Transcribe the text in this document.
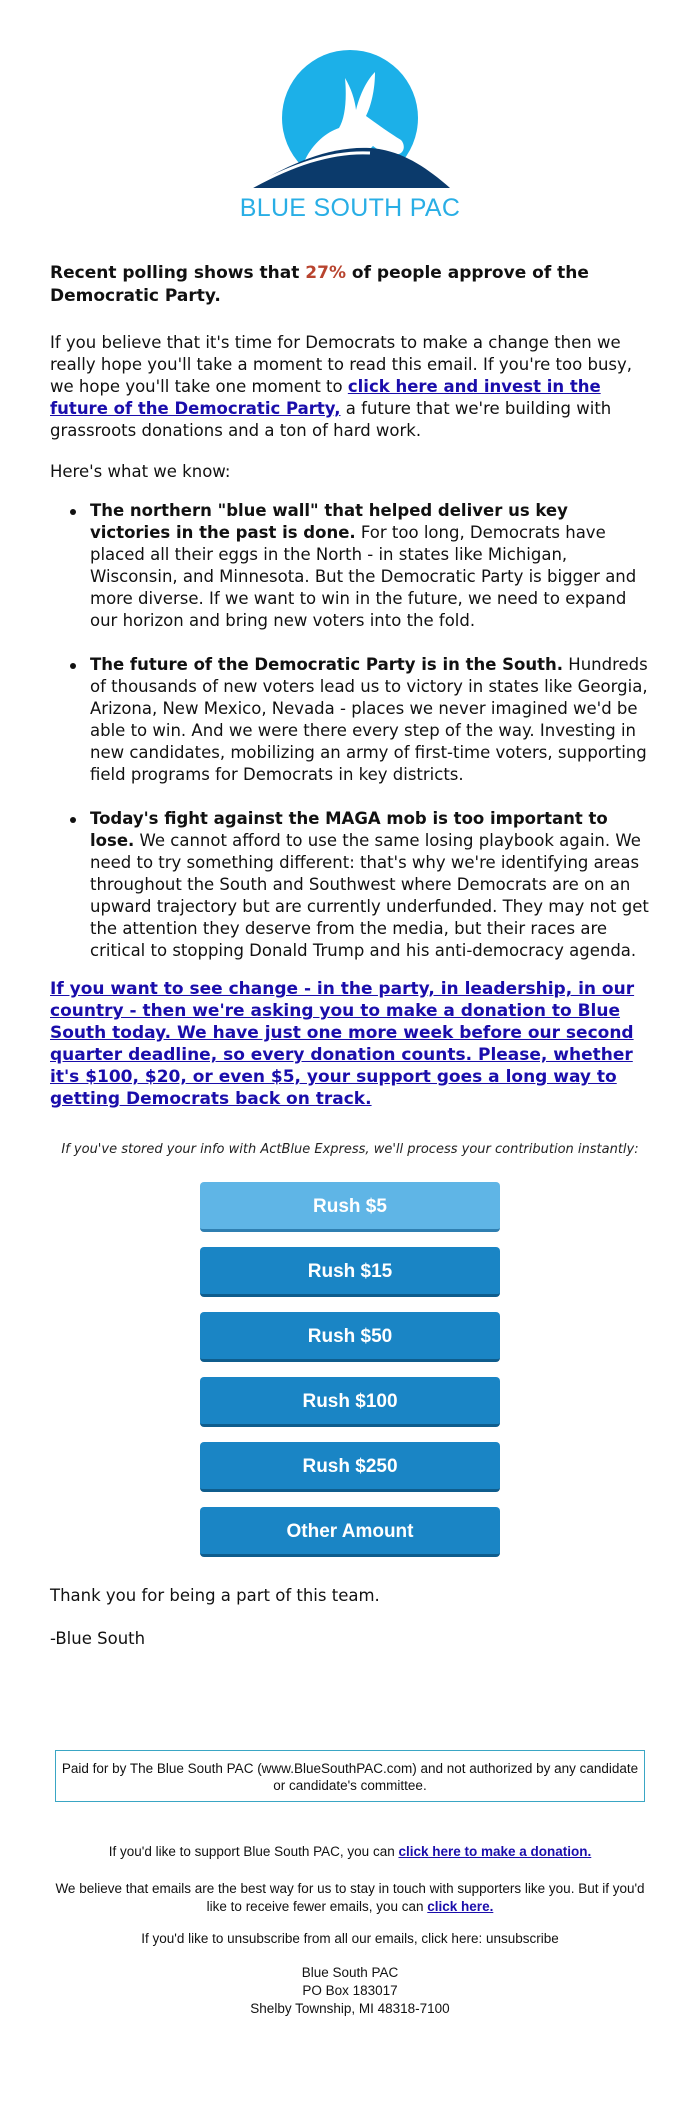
BLUE SOUTH PAC
Recent polling shows that 27% of people approve of the Democratic Party.
If you believe that it's time for Democrats to make a change then we really hope you'll take a moment to read this email. If you're too busy, we hope you'll take one moment to click here and invest in the future of the Democratic Party, a future that we're building with grassroots donations and a ton of hard work.
Here's what we know:
The northern "blue wall" that helped deliver us key victories in the past is done. For too long, Democrats have placed all their eggs in the North - in states like Michigan, Wisconsin, and Minnesota. But the Democratic Party is bigger and more diverse. If we want to win in the future, we need to expand our horizon and bring new voters into the fold.
The future of the Democratic Party is in the South. Hundreds of thousands of new voters lead us to victory in states like Georgia, Arizona, New Mexico, Nevada - places we never imagined we'd be able to win. And we were there every step of the way. Investing in new candidates, mobilizing an army of first-time voters, supporting field programs for Democrats in key districts.
Today's fight against the MAGA mob is too important to lose. We cannot afford to use the same losing playbook again. We need to try something different: that's why we're identifying areas throughout the South and Southwest where Democrats are on an upward trajectory but are currently underfunded. They may not get the attention they deserve from the media, but their races are critical to stopping Donald Trump and his anti-democracy agenda.
If you want to see change - in the party, in leadership, in our country - then we're asking you to make a donation to Blue South today. We have just one more week before our second quarter deadline, so every donation counts. Please, whether it's $100, $20, or even $5, your support goes a long way to getting Democrats back on track.
If you've stored your info with ActBlue Express, we'll process your contribution instantly:
Rush $5
Rush $15
Rush $50
Rush $100
Rush $250
Other Amount
Thank you for being a part of this team.
-Blue South
Paid for by The Blue South PAC (www.BlueSouthPAC.com) and not authorized by any candidate or candidate's committee.
If you'd like to support Blue South PAC, you can click here to make a donation.
We believe that emails are the best way for us to stay in touch with supporters like you. But if you'd like to receive fewer emails, you can click here.
If you'd like to unsubscribe from all our emails, click here: unsubscribe
Blue South PAC
PO Box 183017
Shelby Township, MI 48318-7100
